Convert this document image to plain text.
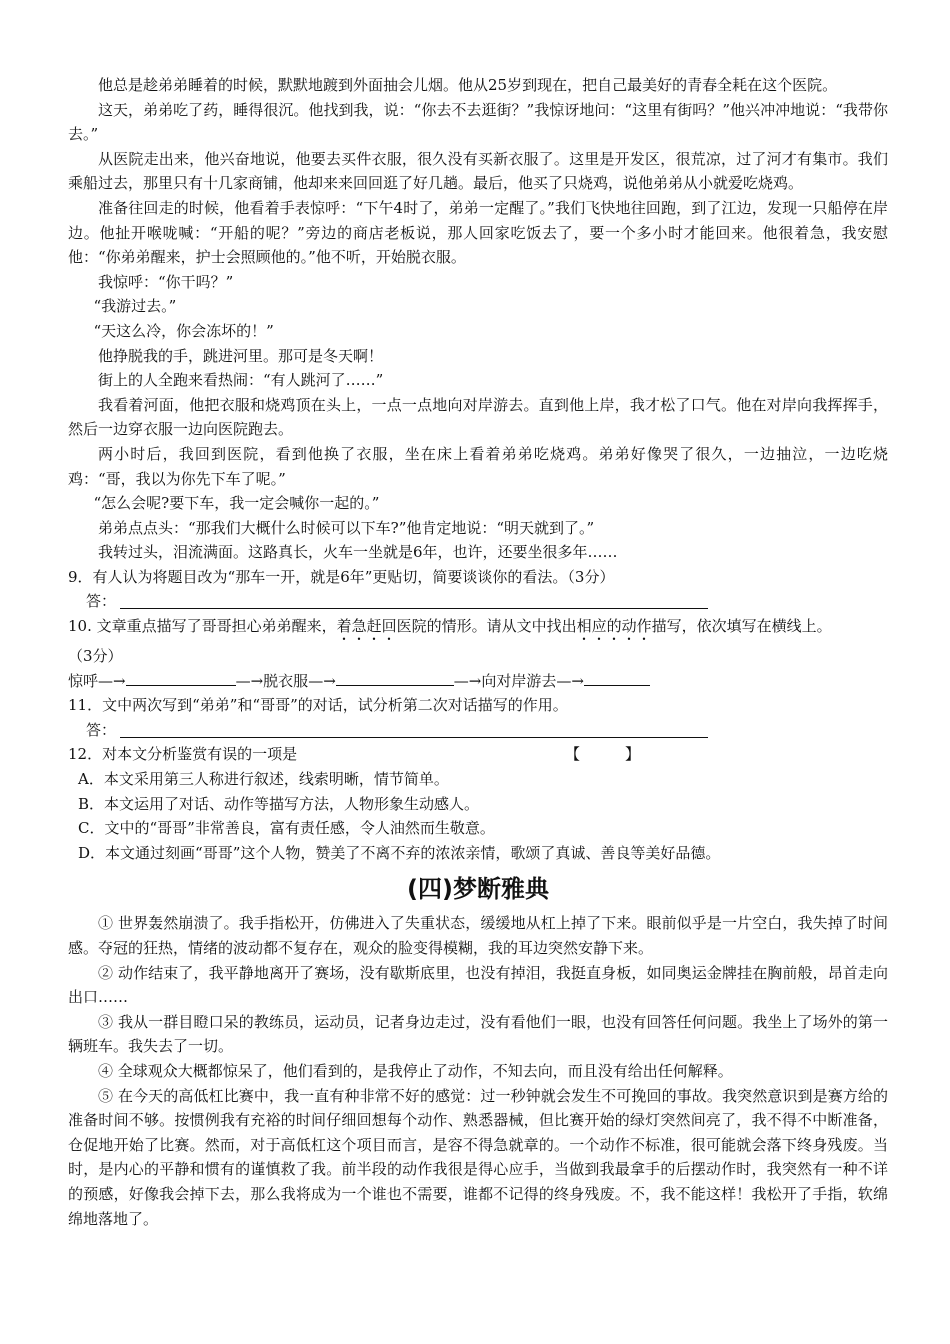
他总是趁弟弟睡着的时候，默默地踱到外面抽会儿烟。他从25岁到现在，把自己最美好的青春全耗在这个医院。

这天，弟弟吃了药，睡得很沉。他找到我，说：“你去不去逛街？”我惊讶地问：“这里有街吗？”他兴冲冲地说：“我带你去。”

从医院走出来，他兴奋地说，他要去买件衣服，很久没有买新衣服了。这里是开发区，很荒凉，过了河才有集市。我们乘船过去，那里只有十几家商铺，他却来来回回逛了好几趟。最后，他买了只烧鸡，说他弟弟从小就爱吃烧鸡。

准备往回走的时候，他看着手表惊呼：“下午4时了，弟弟一定醒了。”我们飞快地往回跑，到了江边，发现一只船停在岸边。他扯开喉咙喊：“开船的呢？”旁边的商店老板说，那人回家吃饭去了，要一个多小时才能回来。他很着急，我安慰他：“你弟弟醒来，护士会照顾他的。”他不听，开始脱衣服。

我惊呼：“你干吗？”

“我游过去。”

“天这么冷，你会冻坏的！”

他挣脱我的手，跳进河里。那可是冬天啊！

街上的人全跑来看热闹：“有人跳河了……”

我看着河面，他把衣服和烧鸡顶在头上，一点一点地向对岸游去。直到他上岸，我才松了口气。他在对岸向我挥挥手，然后一边穿衣服一边向医院跑去。

两小时后，我回到医院，看到他换了衣服，坐在床上看着弟弟吃烧鸡。弟弟好像哭了很久，一边抽泣，一边吃烧鸡：“哥，我以为你先下车了呢。”

“怎么会呢?要下车，我一定会喊你一起的。”

弟弟点点头：“那我们大概什么时候可以下车?”他肯定地说：“明天就到了。”

我转过头，泪流满面。这路真长，火车一坐就是6年，也许，还要坐很多年……

9．有人认为将题目改为“那车一开，就是6年”更贴切，简要谈谈你的看法。（3分）

答：

10. 文章重点描写了哥哥担心弟弟醒来，着急赶回医院的情形。请从文中找出相应的动作描写，依次填写在横线上。
（3分）

惊呼—→	—→脱衣服—→	—→向对岸游去—→

11．文中两次写到“弟弟”和“哥哥”的对话，试分析第二次对话描写的作用。

答：

12．对本文分析鉴赏有误的一项是	【　　　】

A．本文采用第三人称进行叙述，线索明晰，情节简单。

B．本文运用了对话、动作等描写方法，人物形象生动感人。

C．文中的“哥哥”非常善良，富有责任感，令人油然而生敬意。

D．本文通过刻画“哥哥”这个人物，赞美了不离不弃的浓浓亲情，歌颂了真诚、善良等美好品德。

(四)梦断雅典

① 世界轰然崩溃了。我手指松开，仿佛进入了失重状态，缓缓地从杠上掉了下来。眼前似乎是一片空白，我失掉了时间感。夺冠的狂热，情绪的波动都不复存在，观众的脸变得模糊，我的耳边突然安静下来。

② 动作结束了，我平静地离开了赛场，没有歇斯底里，也没有掉泪，我挺直身板，如同奥运金牌挂在胸前般，昂首走向出口……

③ 我从一群目瞪口呆的教练员，运动员，记者身边走过，没有看他们一眼，也没有回答任何问题。我坐上了场外的第一辆班车。我失去了一切。

④ 全球观众大概都惊呆了，他们看到的，是我停止了动作，不知去向，而且没有给出任何解释。

⑤ 在今天的高低杠比赛中，我一直有种非常不好的感觉：过一秒钟就会发生不可挽回的事故。我突然意识到是赛方给的准备时间不够。按惯例我有充裕的时间仔细回想每个动作、熟悉器械，但比赛开始的绿灯突然间亮了，我不得不中断准备，仓促地开始了比赛。然而，对于高低杠这个项目而言，是容不得急就章的。一个动作不标准，很可能就会落下终身残废。当时，是内心的平静和惯有的谨慎救了我。前半段的动作我很是得心应手，当做到我最拿手的后摆动作时，我突然有一种不详的预感，好像我会掉下去，那么我将成为一个谁也不需要，谁都不记得的终身残废。不，我不能这样！我松开了手指，软绵绵地落地了。
